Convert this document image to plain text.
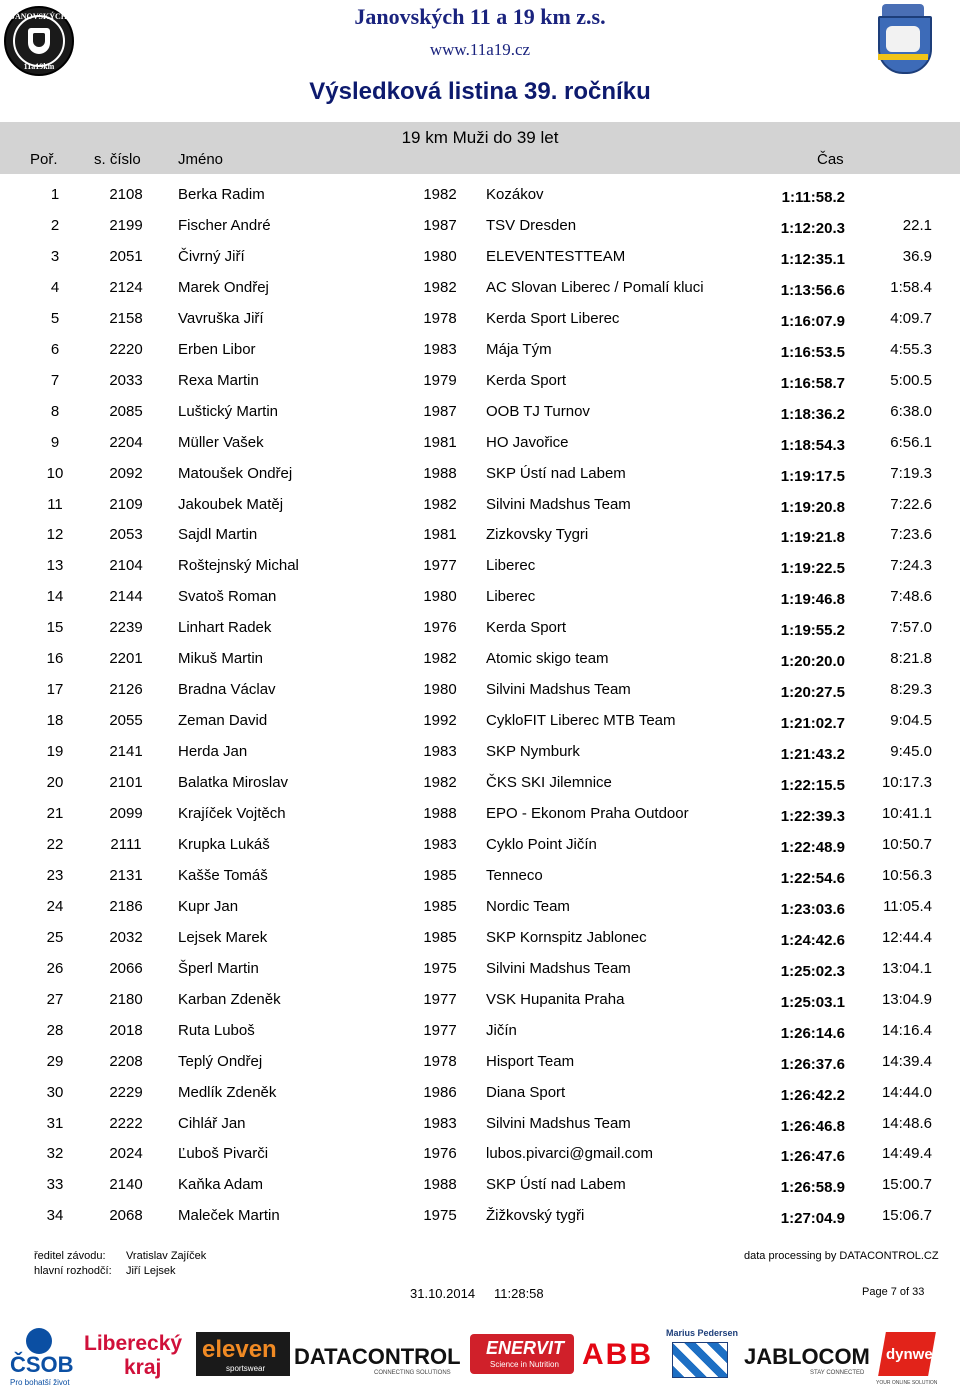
JANOVSKÝCH
11a19km
Janovských 11 a 19 km z.s.
www.11a19.cz
Výsledková listina 39. ročníku
19 km Muži do 39 let
Poř. s. číslo Jméno	Čas
1	2108	Berka Radim	1982 Kozákov	1:11:58.2
2	2199	Fischer André	1987 TSV Dresden	1:12:20.3	22.1
3	2051	Čivrný Jiří	1980 ELEVENTESTTEAM	1:12:35.1	36.9
4	2124	Marek Ondřej	1982 AC Slovan Liberec / Pomalí kluci	1:13:56.6	1:58.4
5	2158	Vavruška Jiří	1978 Kerda Sport Liberec	1:16:07.9	4:09.7
6	2220	Erben Libor	1983 Mája Tým	1:16:53.5	4:55.3
7	2033	Rexa Martin	1979 Kerda Sport	1:16:58.7	5:00.5
8	2085	Luštický Martin	1987 OOB TJ Turnov	1:18:36.2	6:38.0
9	2204	Müller Vašek	1981 HO Javořice	1:18:54.3	6:56.1
10	2092	Matoušek Ondřej	1988 SKP Ústí nad Labem	1:19:17.5	7:19.3
11	2109	Jakoubek Matěj	1982 Silvini Madshus Team	1:19:20.8	7:22.6
12	2053	Sajdl Martin	1981 Zizkovsky Tygri	1:19:21.8	7:23.6
13	2104	Roštejnský Michal	1977 Liberec	1:19:22.5	7:24.3
14	2144	Svatoš Roman	1980 Liberec	1:19:46.8	7:48.6
15	2239	Linhart Radek	1976 Kerda Sport	1:19:55.2	7:57.0
16	2201	Mikuš Martin	1982 Atomic skigo team	1:20:20.0	8:21.8
17	2126	Bradna Václav	1980 Silvini Madshus Team	1:20:27.5	8:29.3
18	2055	Zeman David	1992 CykloFIT Liberec MTB Team	1:21:02.7	9:04.5
19	2141	Herda Jan	1983 SKP Nymburk	1:21:43.2	9:45.0
20	2101	Balatka Miroslav	1982 ČKS SKI Jilemnice	1:22:15.5	10:17.3
21	2099	Krajíček Vojtěch	1988 EPO - Ekonom Praha Outdoor	1:22:39.3	10:41.1
22	2111	Krupka Lukáš	1983 Cyklo Point Jičín	1:22:48.9	10:50.7
23	2131	Kašše Tomáš	1985 Tenneco	1:22:54.6	10:56.3
24	2186	Kupr Jan	1985 Nordic Team	1:23:03.6	11:05.4
25	2032	Lejsek Marek	1985 SKP Kornspitz Jablonec	1:24:42.6	12:44.4
26	2066	Šperl Martin	1975 Silvini Madshus Team	1:25:02.3	13:04.1
27	2180	Karban Zdeněk	1977 VSK Hupanita Praha	1:25:03.1	13:04.9
28	2018	Ruta Luboš	1977 Jičín	1:26:14.6	14:16.4
29	2208	Teplý Ondřej	1978 Hisport Team	1:26:37.6	14:39.4
30	2229	Medlík Zdeněk	1986 Diana Sport	1:26:42.2	14:44.0
31	2222	Cihlář Jan	1983 Silvini Madshus Team	1:26:46.8	14:48.6
32	2024	Ľuboš Pivarči	1976 lubos.pivarci@gmail.com	1:26:47.6	14:49.4
33	2140	Kaňka Adam	1988 SKP Ústí nad Labem	1:26:58.9	15:00.7
34	2068	Maleček Martin	1975 Žižkovský tygři	1:27:04.9	15:06.7
ředitel závodu: Vratislav Zajíček
hlavní rozhodčí: Jiří Lejsek
data processing by DATACONTROL.CZ
31.10.2014 11:28:58	Page 7 of 33
ČSOB
Pro bohatší život
Liberecký
kraj
eleven
sportswear DATACONTROL
CONNECTING SOLUTIONS
ENERVIT
Science in Nutrition ABB
Marius Pedersen
JABLOCOM
STAY CONNECTED
dynweb
YOUR ONLINE SOLUTION
